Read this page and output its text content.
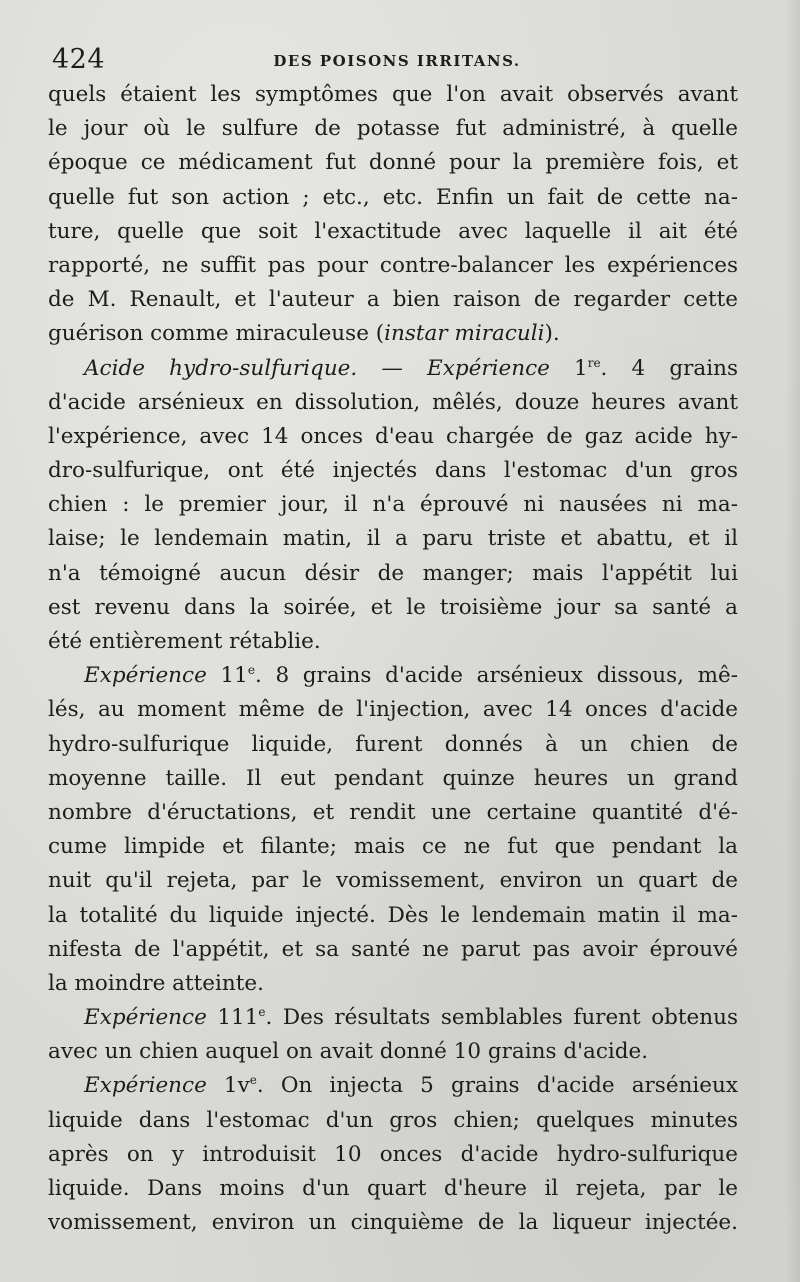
424	DES POISONS IRRITANS.
quels étaient les symptômes que l'on avait observés avant
le jour où le sulfure de potasse fut administré, à quelle
époque ce médicament fut donné pour la première fois, et
quelle fut son action ; etc., etc. Enfin un fait de cette na-
ture, quelle que soit l'exactitude avec laquelle il ait été
rapporté, ne suffit pas pour contre-balancer les expériences
de M. Renault, et l'auteur a bien raison de regarder cette
guérison comme miraculeuse (instar miraculi).
Acide hydro-sulfurique. — Expérience 1re. 4 grains
d'acide arsénieux en dissolution, mêlés, douze heures avant
l'expérience, avec 14 onces d'eau chargée de gaz acide hy-
dro-sulfurique, ont été injectés dans l'estomac d'un gros
chien : le premier jour, il n'a éprouvé ni nausées ni ma-
laise; le lendemain matin, il a paru triste et abattu, et il
n'a témoigné aucun désir de manger; mais l'appétit lui
est revenu dans la soirée, et le troisième jour sa santé a
été entièrement rétablie.
Expérience 11e. 8 grains d'acide arsénieux dissous, mê-
lés, au moment même de l'injection, avec 14 onces d'acide
hydro-sulfurique liquide, furent donnés à un chien de
moyenne taille. Il eut pendant quinze heures un grand
nombre d'éructations, et rendit une certaine quantité d'é-
cume limpide et filante; mais ce ne fut que pendant la
nuit qu'il rejeta, par le vomissement, environ un quart de
la totalité du liquide injecté. Dès le lendemain matin il ma-
nifesta de l'appétit, et sa santé ne parut pas avoir éprouvé
la moindre atteinte.
Expérience 111e. Des résultats semblables furent obtenus
avec un chien auquel on avait donné 10 grains d'acide.
Expérience $1v^e$. On injecta 5 grains d'acide arsénieux
liquide dans l'estomac d'un gros chien; quelques minutes
après on y introduisit 10 onces d'acide hydro-sulfurique
liquide. Dans moins d'un quart d'heure il rejeta, par le
vomissement, environ un cinquième de la liqueur injectée.
